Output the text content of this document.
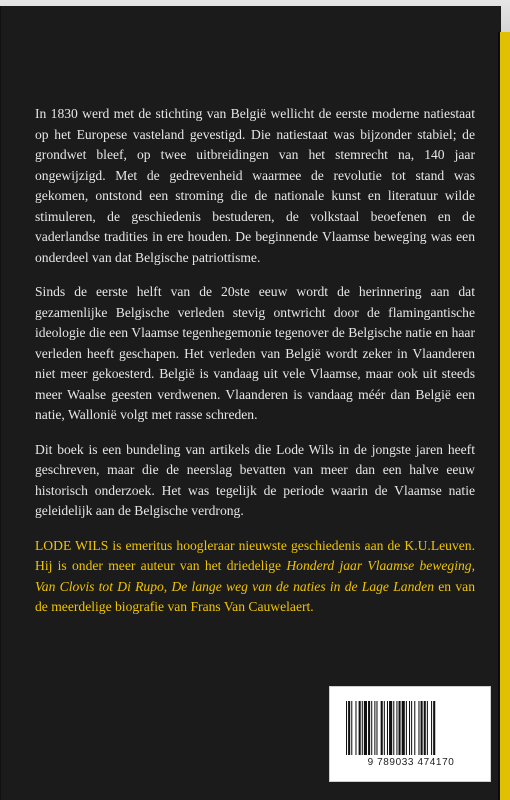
In 1830 werd met de stichting van België wellicht de eerste moderne natiestaat op het Europese vasteland gevestigd. Die natiestaat was bijzonder stabiel; de grondwet bleef, op twee uitbreidingen van het stemrecht na, 140 jaar ongewijzigd. Met de gedrevenheid waarmee de revolutie tot stand was gekomen, ontstond een stroming die de nationale kunst en literatuur wilde stimuleren, de geschiedenis bestuderen, de volkstaal beoefenen en de vaderlandse tradities in ere houden. De beginnende Vlaamse beweging was een onderdeel van dat Belgische patriottisme.

Sinds de eerste helft van de 20ste eeuw wordt de herinnering aan dat gezamenlijke Belgische verleden stevig ontwricht door de flamingantische ideologie die een Vlaamse tegenhegemonie tegenover de Belgische natie en haar verleden heeft geschapen. Het verleden van België wordt zeker in Vlaanderen niet meer gekoesterd. België is vandaag uit vele Vlaamse, maar ook uit steeds meer Waalse geesten verdwenen. Vlaanderen is vandaag méér dan België een natie, Wallonië volgt met rasse schreden.

Dit boek is een bundeling van artikels die Lode Wils in de jongste jaren heeft geschreven, maar die de neerslag bevatten van meer dan een halve eeuw historisch onderzoek. Het was tegelijk de periode waarin de Vlaamse natie geleidelijk aan de Belgische verdrong.

LODE WILS is emeritus hoogleraar nieuwste geschiedenis aan de K.U.Leuven. Hij is onder meer auteur van het driedelige Honderd jaar Vlaamse beweging, Van Clovis tot Di Rupo, De lange weg van de naties in de Lage Landen en van de meerdelige biografie van Frans Van Cauwelaert.

9 789033 474170
